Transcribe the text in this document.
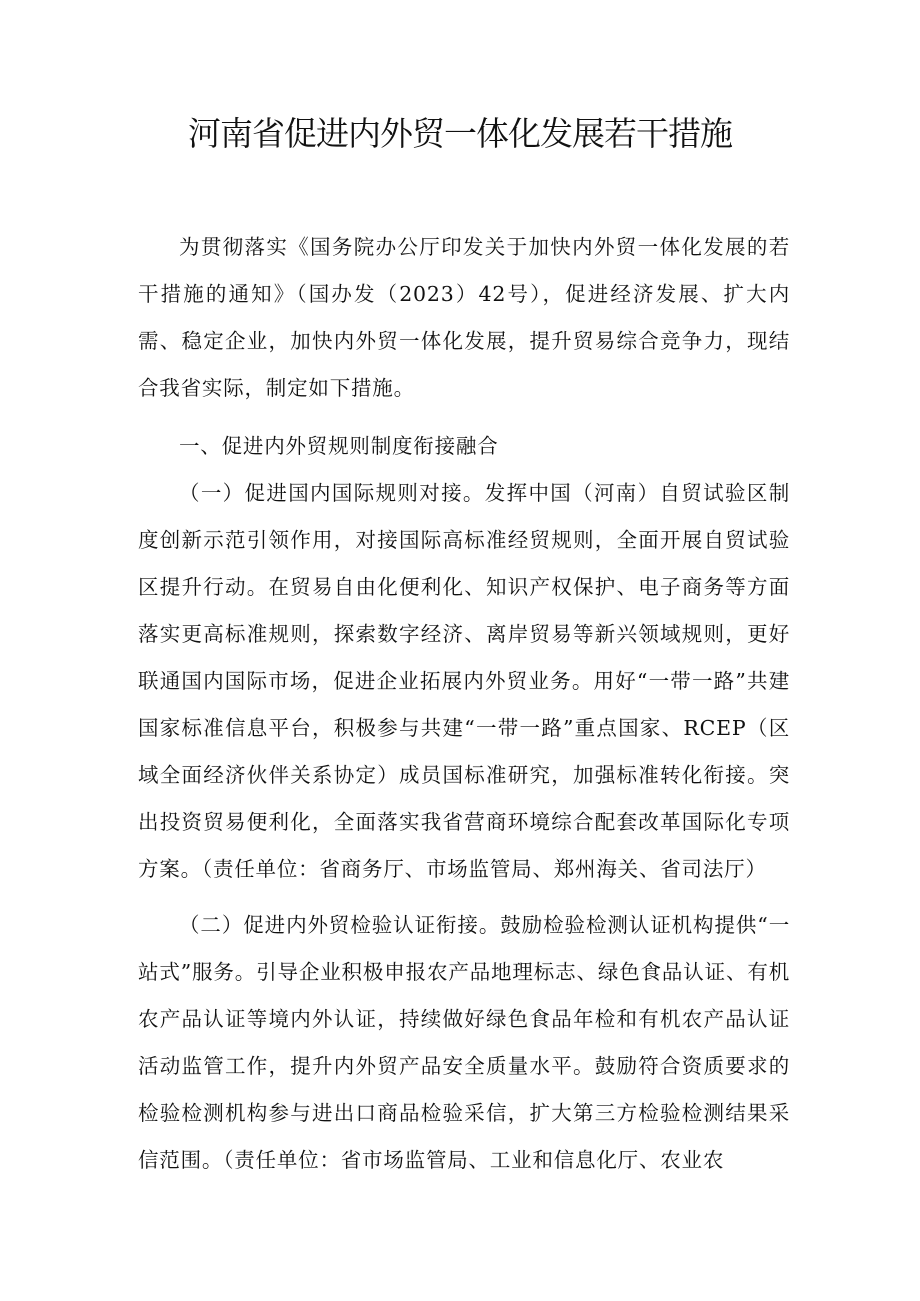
河南省促进内外贸一体化发展若干措施

为贯彻落实《国务院办公厅印发关于加快内外贸一体化发展的若干措施的通知》（国办发（2023）42号），促进经济发展、扩大内需、稳定企业，加快内外贸一体化发展，提升贸易综合竞争力，现结合我省实际，制定如下措施。

一、促进内外贸规则制度衔接融合

（一）促进国内国际规则对接。发挥中国（河南）自贸试验区制度创新示范引领作用，对接国际高标准经贸规则，全面开展自贸试验区提升行动。在贸易自由化便利化、知识产权保护、电子商务等方面落实更高标准规则，探索数字经济、离岸贸易等新兴领域规则，更好联通国内国际市场，促进企业拓展内外贸业务。用好“一带一路”共建国家标准信息平台，积极参与共建“一带一路”重点国家、RCEP（区域全面经济伙伴关系协定）成员国标准研究，加强标准转化衔接。突出投资贸易便利化，全面落实我省营商环境综合配套改革国际化专项方案。（责任单位：省商务厅、市场监管局、郑州海关、省司法厅）

（二）促进内外贸检验认证衔接。鼓励检验检测认证机构提供“一站式”服务。引导企业积极申报农产品地理标志、绿色食品认证、有机农产品认证等境内外认证，持续做好绿色食品年检和有机农产品认证活动监管工作，提升内外贸产品安全质量水平。鼓励符合资质要求的检验检测机构参与进出口商品检验采信，扩大第三方检验检测结果采信范围。（责任单位：省市场监管局、工业和信息化厅、农业农
